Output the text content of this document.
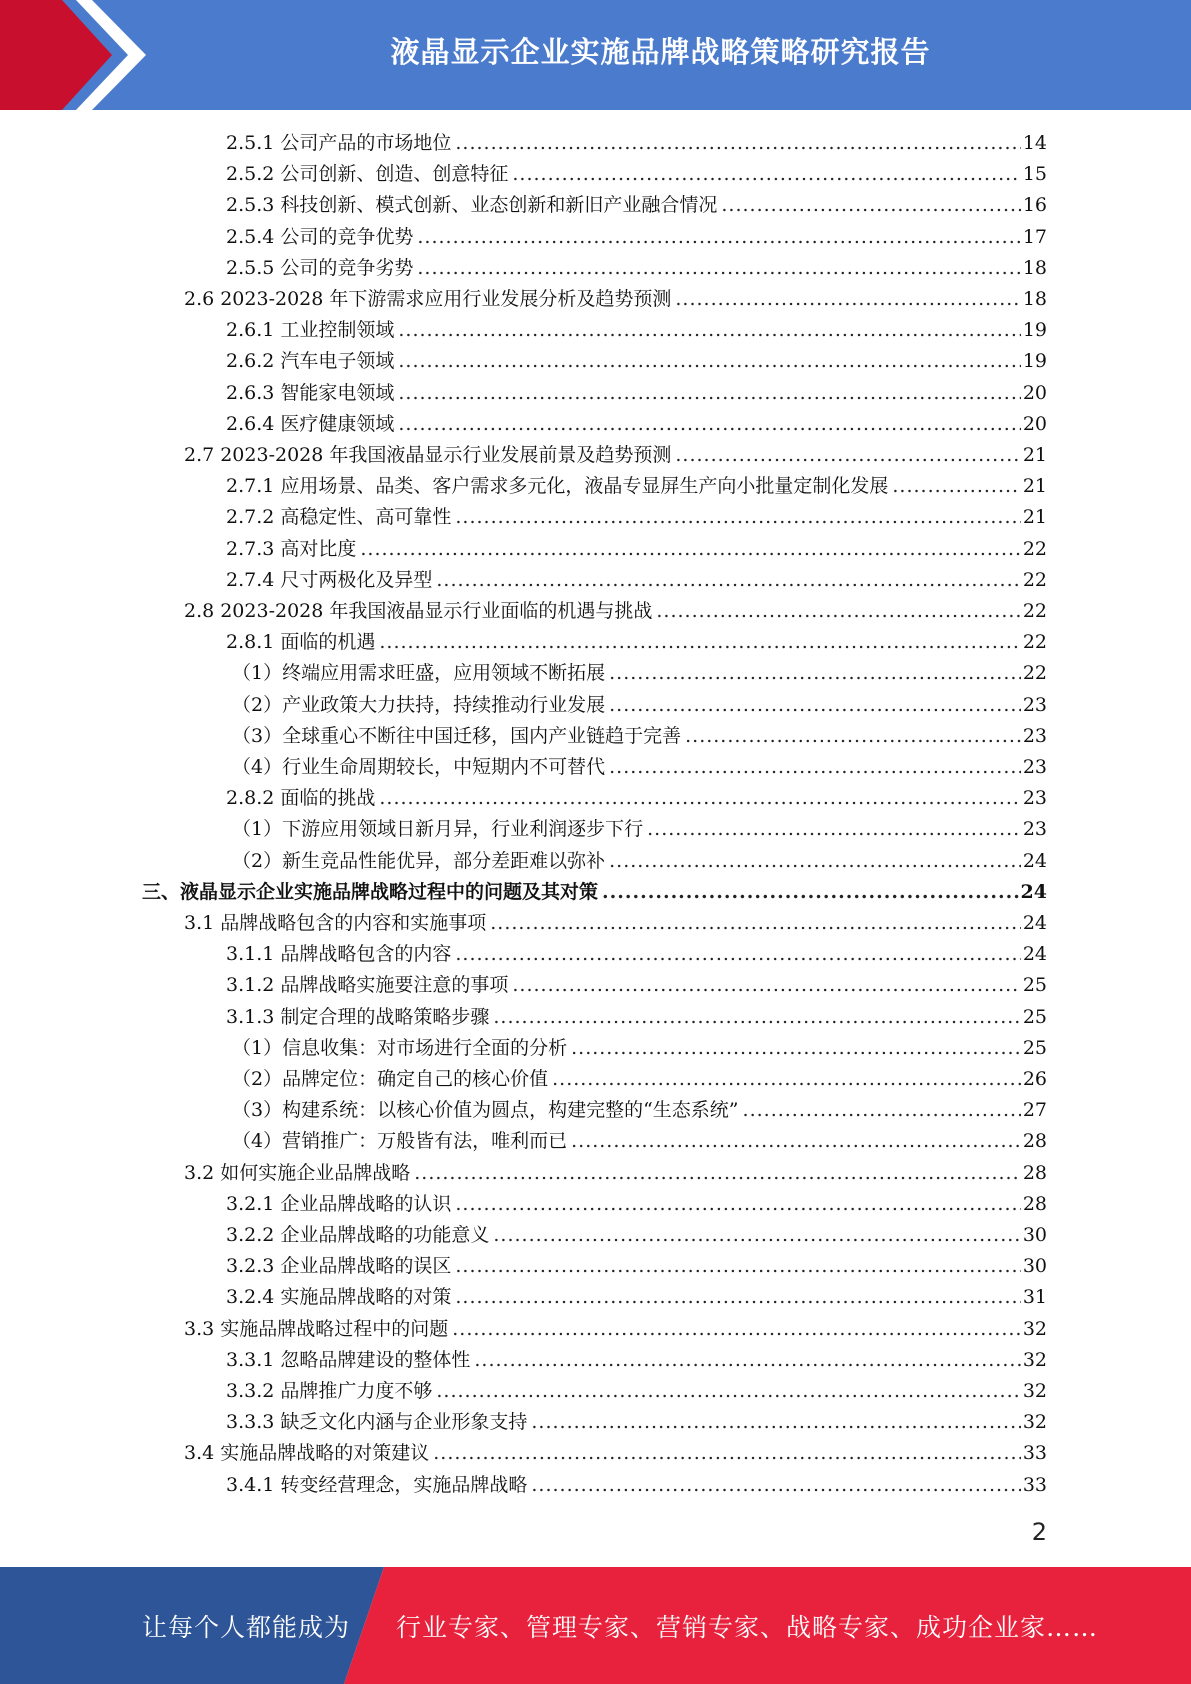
液晶显示企业实施品牌战略策略研究报告
2.5.1 公司产品的市场地位 .....	14
2.5.2 公司创新、创造、创意特征 .....	15
2.5.3 科技创新、模式创新、业态创新和新旧产业融合情况 .....	16
2.5.4 公司的竞争优势 .....	17
2.5.5 公司的竞争劣势 .....	18
2.6 2023-2028 年下游需求应用行业发展分析及趋势预测 .....	18
2.6.1 工业控制领域 .....	19
2.6.2 汽车电子领域 .....	19
2.6.3 智能家电领域 .....	20
2.6.4 医疗健康领域 .....	20
2.7 2023-2028 年我国液晶显示行业发展前景及趋势预测 .....	21
2.7.1 应用场景、品类、客户需求多元化，液晶专显屏生产向小批量定制化发展 .....	21
2.7.2 高稳定性、高可靠性 .....	21
2.7.3 高对比度 .....	22
2.7.4 尺寸两极化及异型 .....	22
2.8 2023-2028 年我国液晶显示行业面临的机遇与挑战 .....	22
2.8.1 面临的机遇 .....	22
（1） 终端应用需求旺盛，应用领域不断拓展 .....	22
（2） 产业政策大力扶持，持续推动行业发展 .....	23
（3） 全球重心不断往中国迁移，国内产业链趋于完善 .....	23
（4） 行业生命周期较长，中短期内不可替代 .....	23
2.8.2 面临的挑战 .....	23
（1） 下游应用领域日新月异，行业利润逐步下行 .....	23
（2） 新生竞品性能优异，部分差距难以弥补 .....	24
三、 液晶显示企业实施品牌战略过程中的问题及其对策 .....	24
3.1 品牌战略包含的内容和实施事项 .....	24
3.1.1 品牌战略包含的内容 .....	24
3.1.2 品牌战略实施要注意的事项 .....	25
3.1.3 制定合理的战略策略步骤 .....	25
（1） 信息收集：对市场进行全面的分析 .....	25
（2） 品牌定位：确定自己的核心价值 .....	26
（3） 构建系统：以核心价值为圆点，构建完整的“生态系统” .....	27
（4） 营销推广：万般皆有法，唯利而已 .....	28
3.2 如何实施企业品牌战略 .....	28
3.2.1 企业品牌战略的认识 .....	28
3.2.2 企业品牌战略的功能意义 .....	30
3.2.3 企业品牌战略的误区 .....	30
3.2.4 实施品牌战略的对策 .....	31
3.3 实施品牌战略过程中的问题 .....	32
3.3.1 忽略品牌建设的整体性 .....	32
3.3.2 品牌推广力度不够 .....	32
3.3.3 缺乏文化内涵与企业形象支持 .....	32
3.4 实施品牌战略的对策建议 .....	33
3.4.1 转变经营理念，实施品牌战略 .....	33
2
让每个人都能成为	行业专家、管理专家、营销专家、战略专家、成功企业家……
